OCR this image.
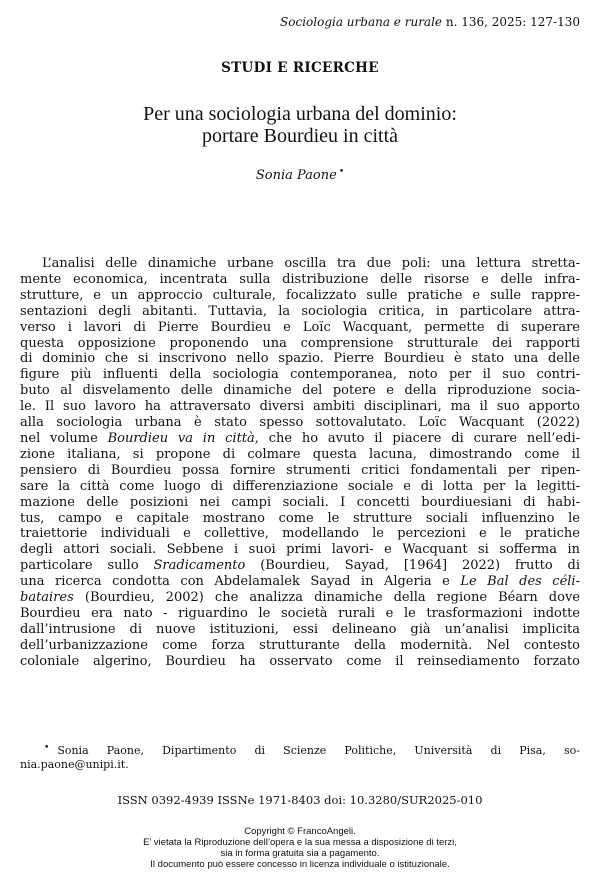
Sociologia urbana e rurale n. 136, 2025: 127-130
STUDI E RICERCHE
Per una sociologia urbana del dominio:
portare Bourdieu in città
Sonia Paone •
L’analisi delle dinamiche urbane oscilla tra due poli: una lettura stretta-
mente economica, incentrata sulla distribuzione delle risorse e delle infra-
strutture, e un approccio culturale, focalizzato sulle pratiche e sulle rappre-
sentazioni degli abitanti. Tuttavia, la sociologia critica, in particolare attra-
verso i lavori di Pierre Bourdieu e Loïc Wacquant, permette di superare
questa opposizione proponendo una comprensione strutturale dei rapporti
di dominio che si inscrivono nello spazio. Pierre Bourdieu è stato una delle
figure più influenti della sociologia contemporanea, noto per il suo contri-
buto al disvelamento delle dinamiche del potere e della riproduzione socia-
le. Il suo lavoro ha attraversato diversi ambiti disciplinari, ma il suo apporto
alla sociologia urbana è stato spesso sottovalutato. Loïc Wacquant (2022)
nel volume Bourdieu va in città, che ho avuto il piacere di curare nell’edi-
zione italiana, si propone di colmare questa lacuna, dimostrando come il
pensiero di Bourdieu possa fornire strumenti critici fondamentali per ripen-
sare la città come luogo di differenziazione sociale e di lotta per la legitti-
mazione delle posizioni nei campi sociali. I concetti bourdiuesiani di habi-
tus, campo e capitale mostrano come le strutture sociali influenzino le
traiettorie individuali e collettive, modellando le percezioni e le pratiche
degli attori sociali. Sebbene i suoi primi lavori- e Wacquant si sofferma in
particolare sullo Sradicamento (Bourdieu, Sayad, [1964] 2022) frutto di
una ricerca condotta con Abdelamalek Sayad in Algeria e Le Bal des céli-
bataires (Bourdieu, 2002) che analizza dinamiche della regione Béarn dove
Bourdieu era nato - riguardino le società rurali e le trasformazioni indotte
dall’intrusione di nuove istituzioni, essi delineano già un’analisi implicita
dell’urbanizzazione come forza strutturante della modernità. Nel contesto
coloniale algerino, Bourdieu ha osservato come il reinsediamento forzato
• Sonia Paone, Dipartimento di Scienze Politiche, Università di Pisa, so-
nia.paone@unipi.it.
ISSN 0392-4939 ISSNe 1971-8403 doi: 10.3280/SUR2025-010
Copyright © FrancoAngeli.
E’ vietata la Riproduzione dell’opera e la sua messa a disposizione di terzi,
sia in forma gratuita sia a pagamento.
Il documento può essere concesso in licenza individuale o istituzionale.
